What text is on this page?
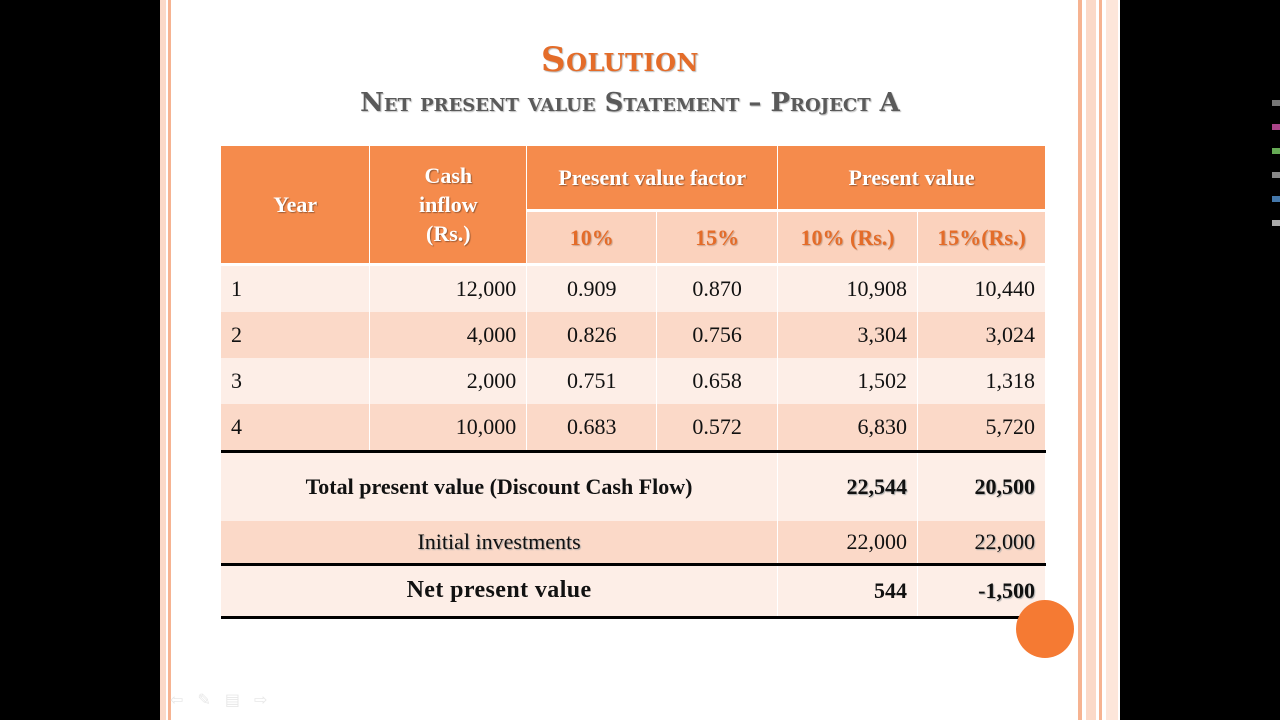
Solution
Net present value Statement – Project A
Year	Cash inflow (Rs.)	Present value factor		Present value	
		10%	15%	10% (Rs.)	15%(Rs.)
1	12,000	0.909	0.870	10,908	10,440
2	4,000	0.826	0.756	3,304	3,024
3	2,000	0.751	0.658	1,502	1,318
4	10,000	0.683	0.572	6,830	5,720
Total present value (Discount Cash Flow)				22,544	20,500
Initial investments				22,000	22,000
Net present value				544	-1,500
⇦ ✎ ▤ ⇨
